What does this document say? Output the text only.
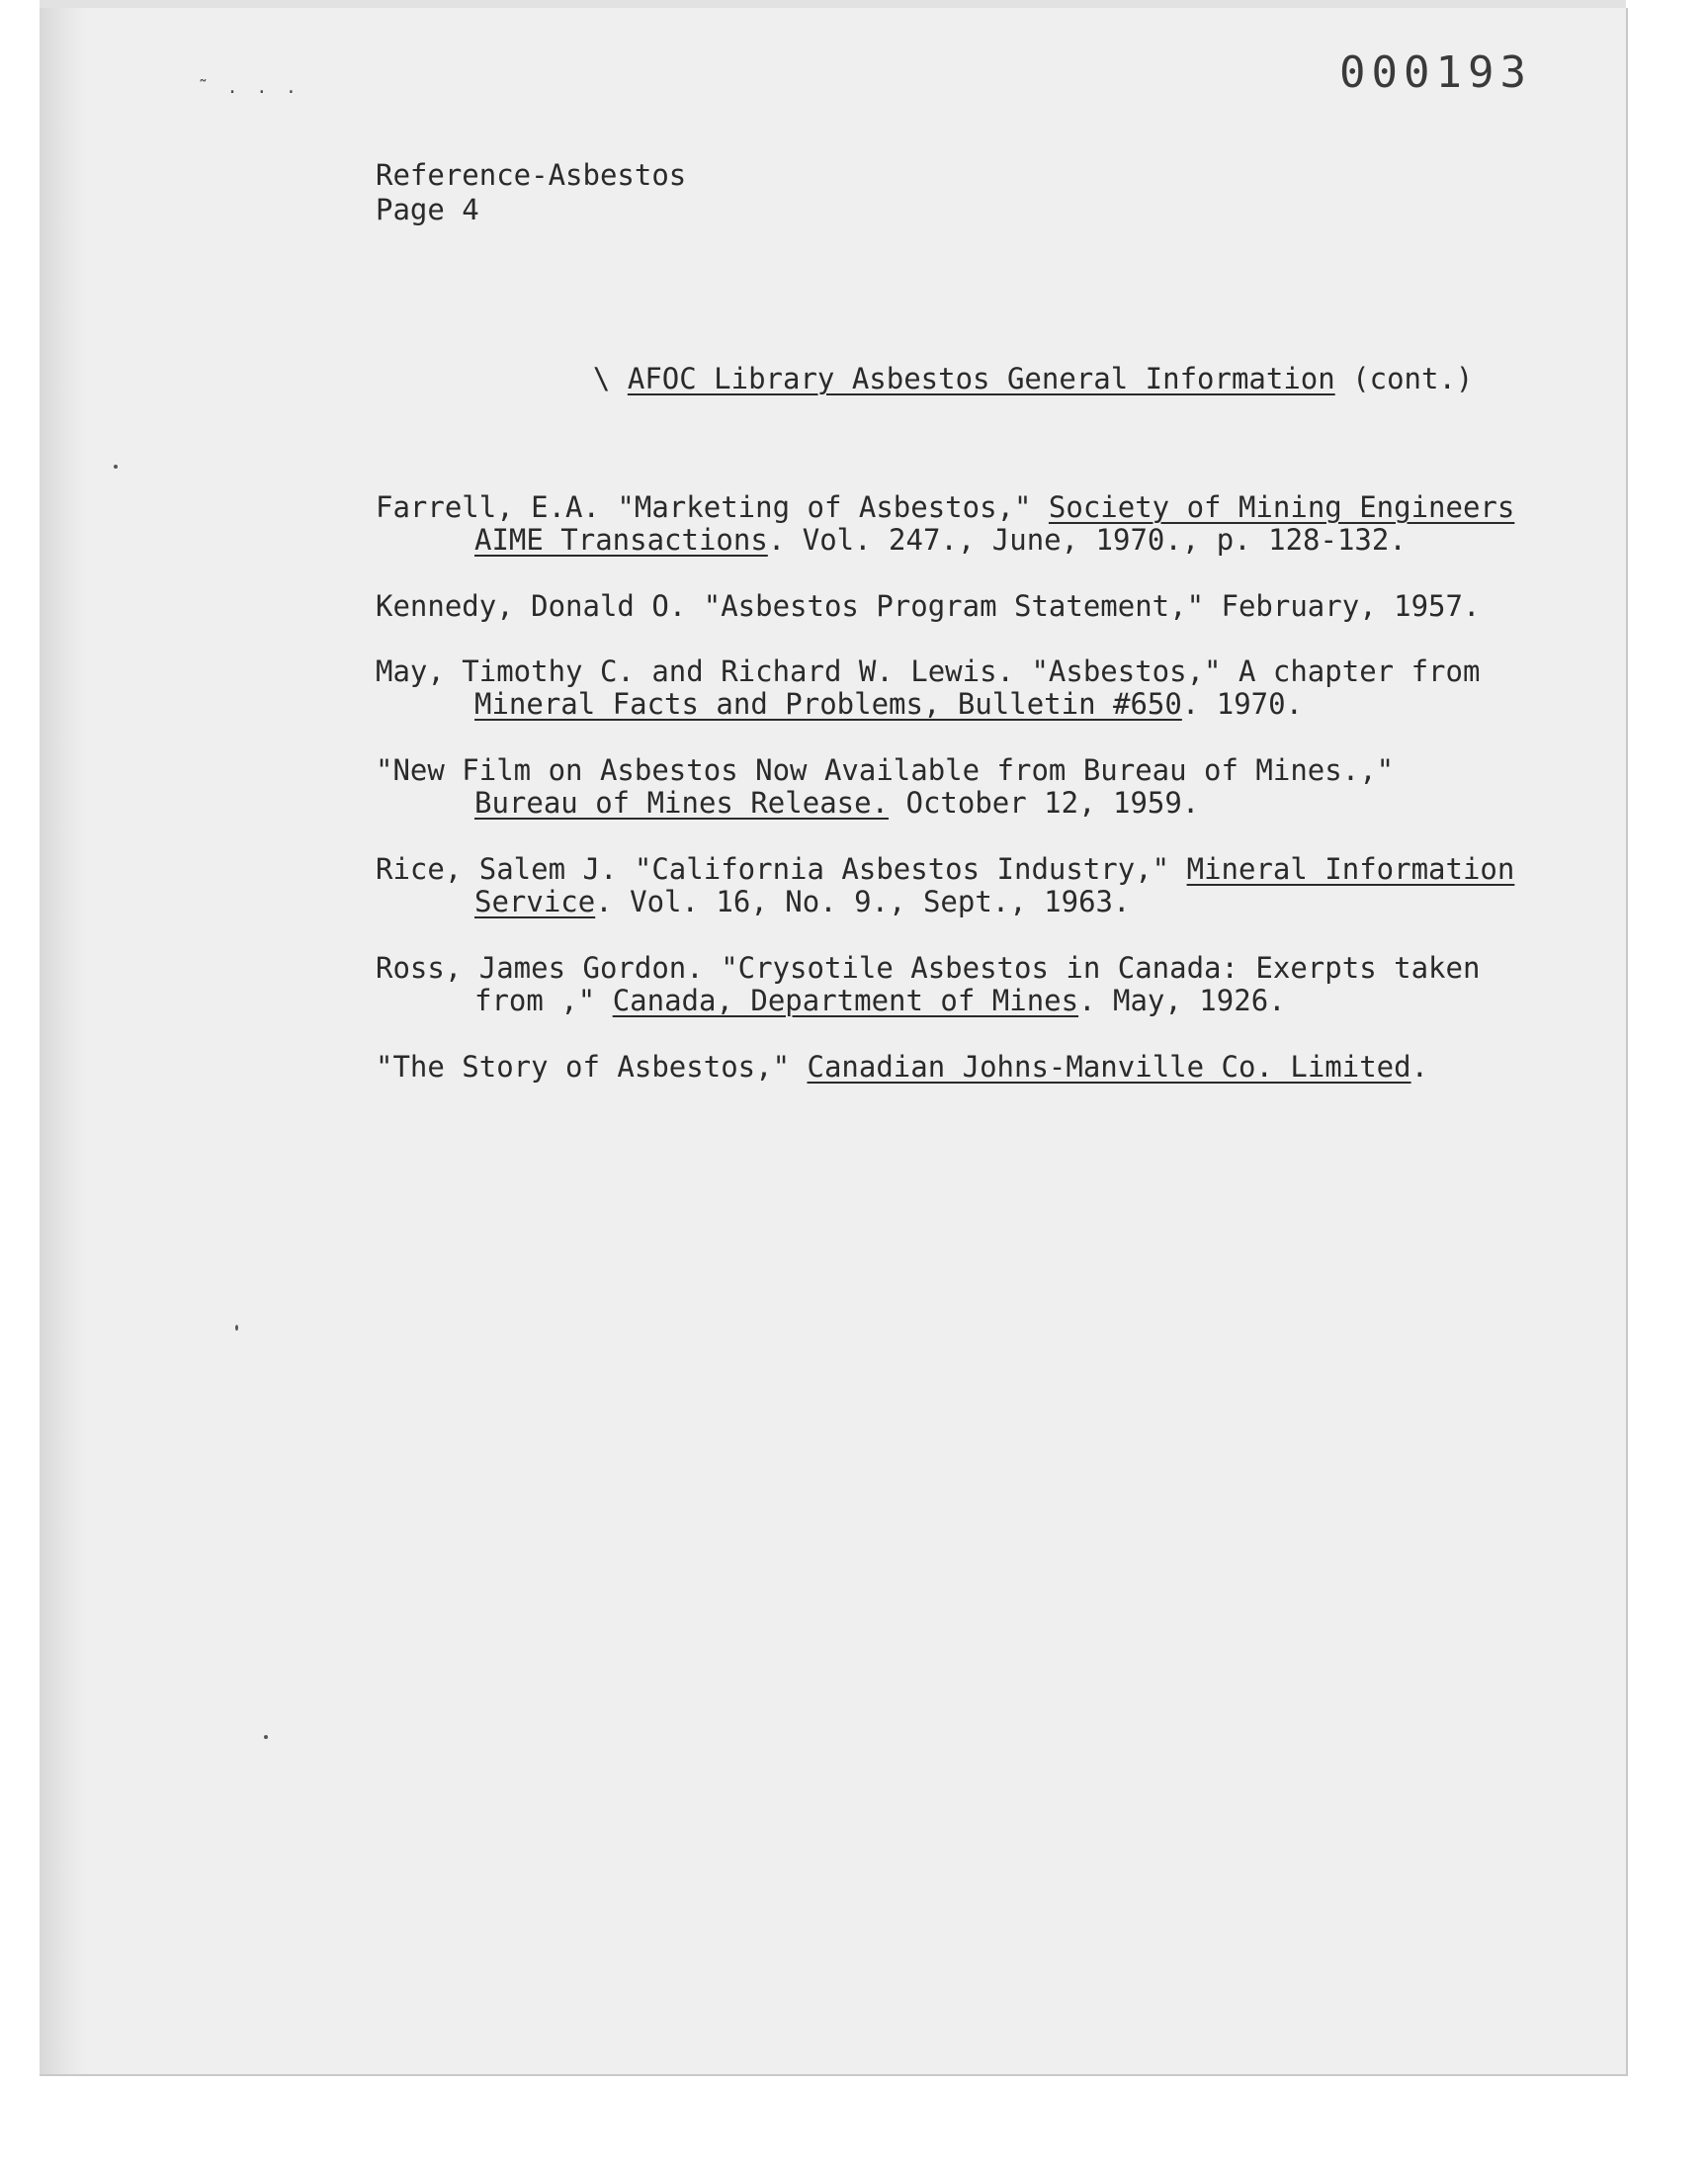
˜ . . .	000193
Reference-Asbestos
Page 4

\ AFOC Library Asbestos General Information (cont.)

Farrell, E.A. "Marketing of Asbestos," Society of Mining Engineers
AIME Transactions. Vol. 247., June, 1970., p. 128-132.
Kennedy, Donald O. "Asbestos Program Statement," February, 1957.
May, Timothy C. and Richard W. Lewis. "Asbestos," A chapter from
Mineral Facts and Problems, Bulletin #650. 1970.
"New Film on Asbestos Now Available from Bureau of Mines.,"
Bureau of Mines Release. October 12, 1959.
Rice, Salem J. "California Asbestos Industry," Mineral Information
Service. Vol. 16, No. 9., Sept., 1963.
Ross, James Gordon. "Crysotile Asbestos in Canada: Exerpts taken
from ," Canada, Department of Mines. May, 1926.
"The Story of Asbestos," Canadian Johns-Manville Co. Limited.
